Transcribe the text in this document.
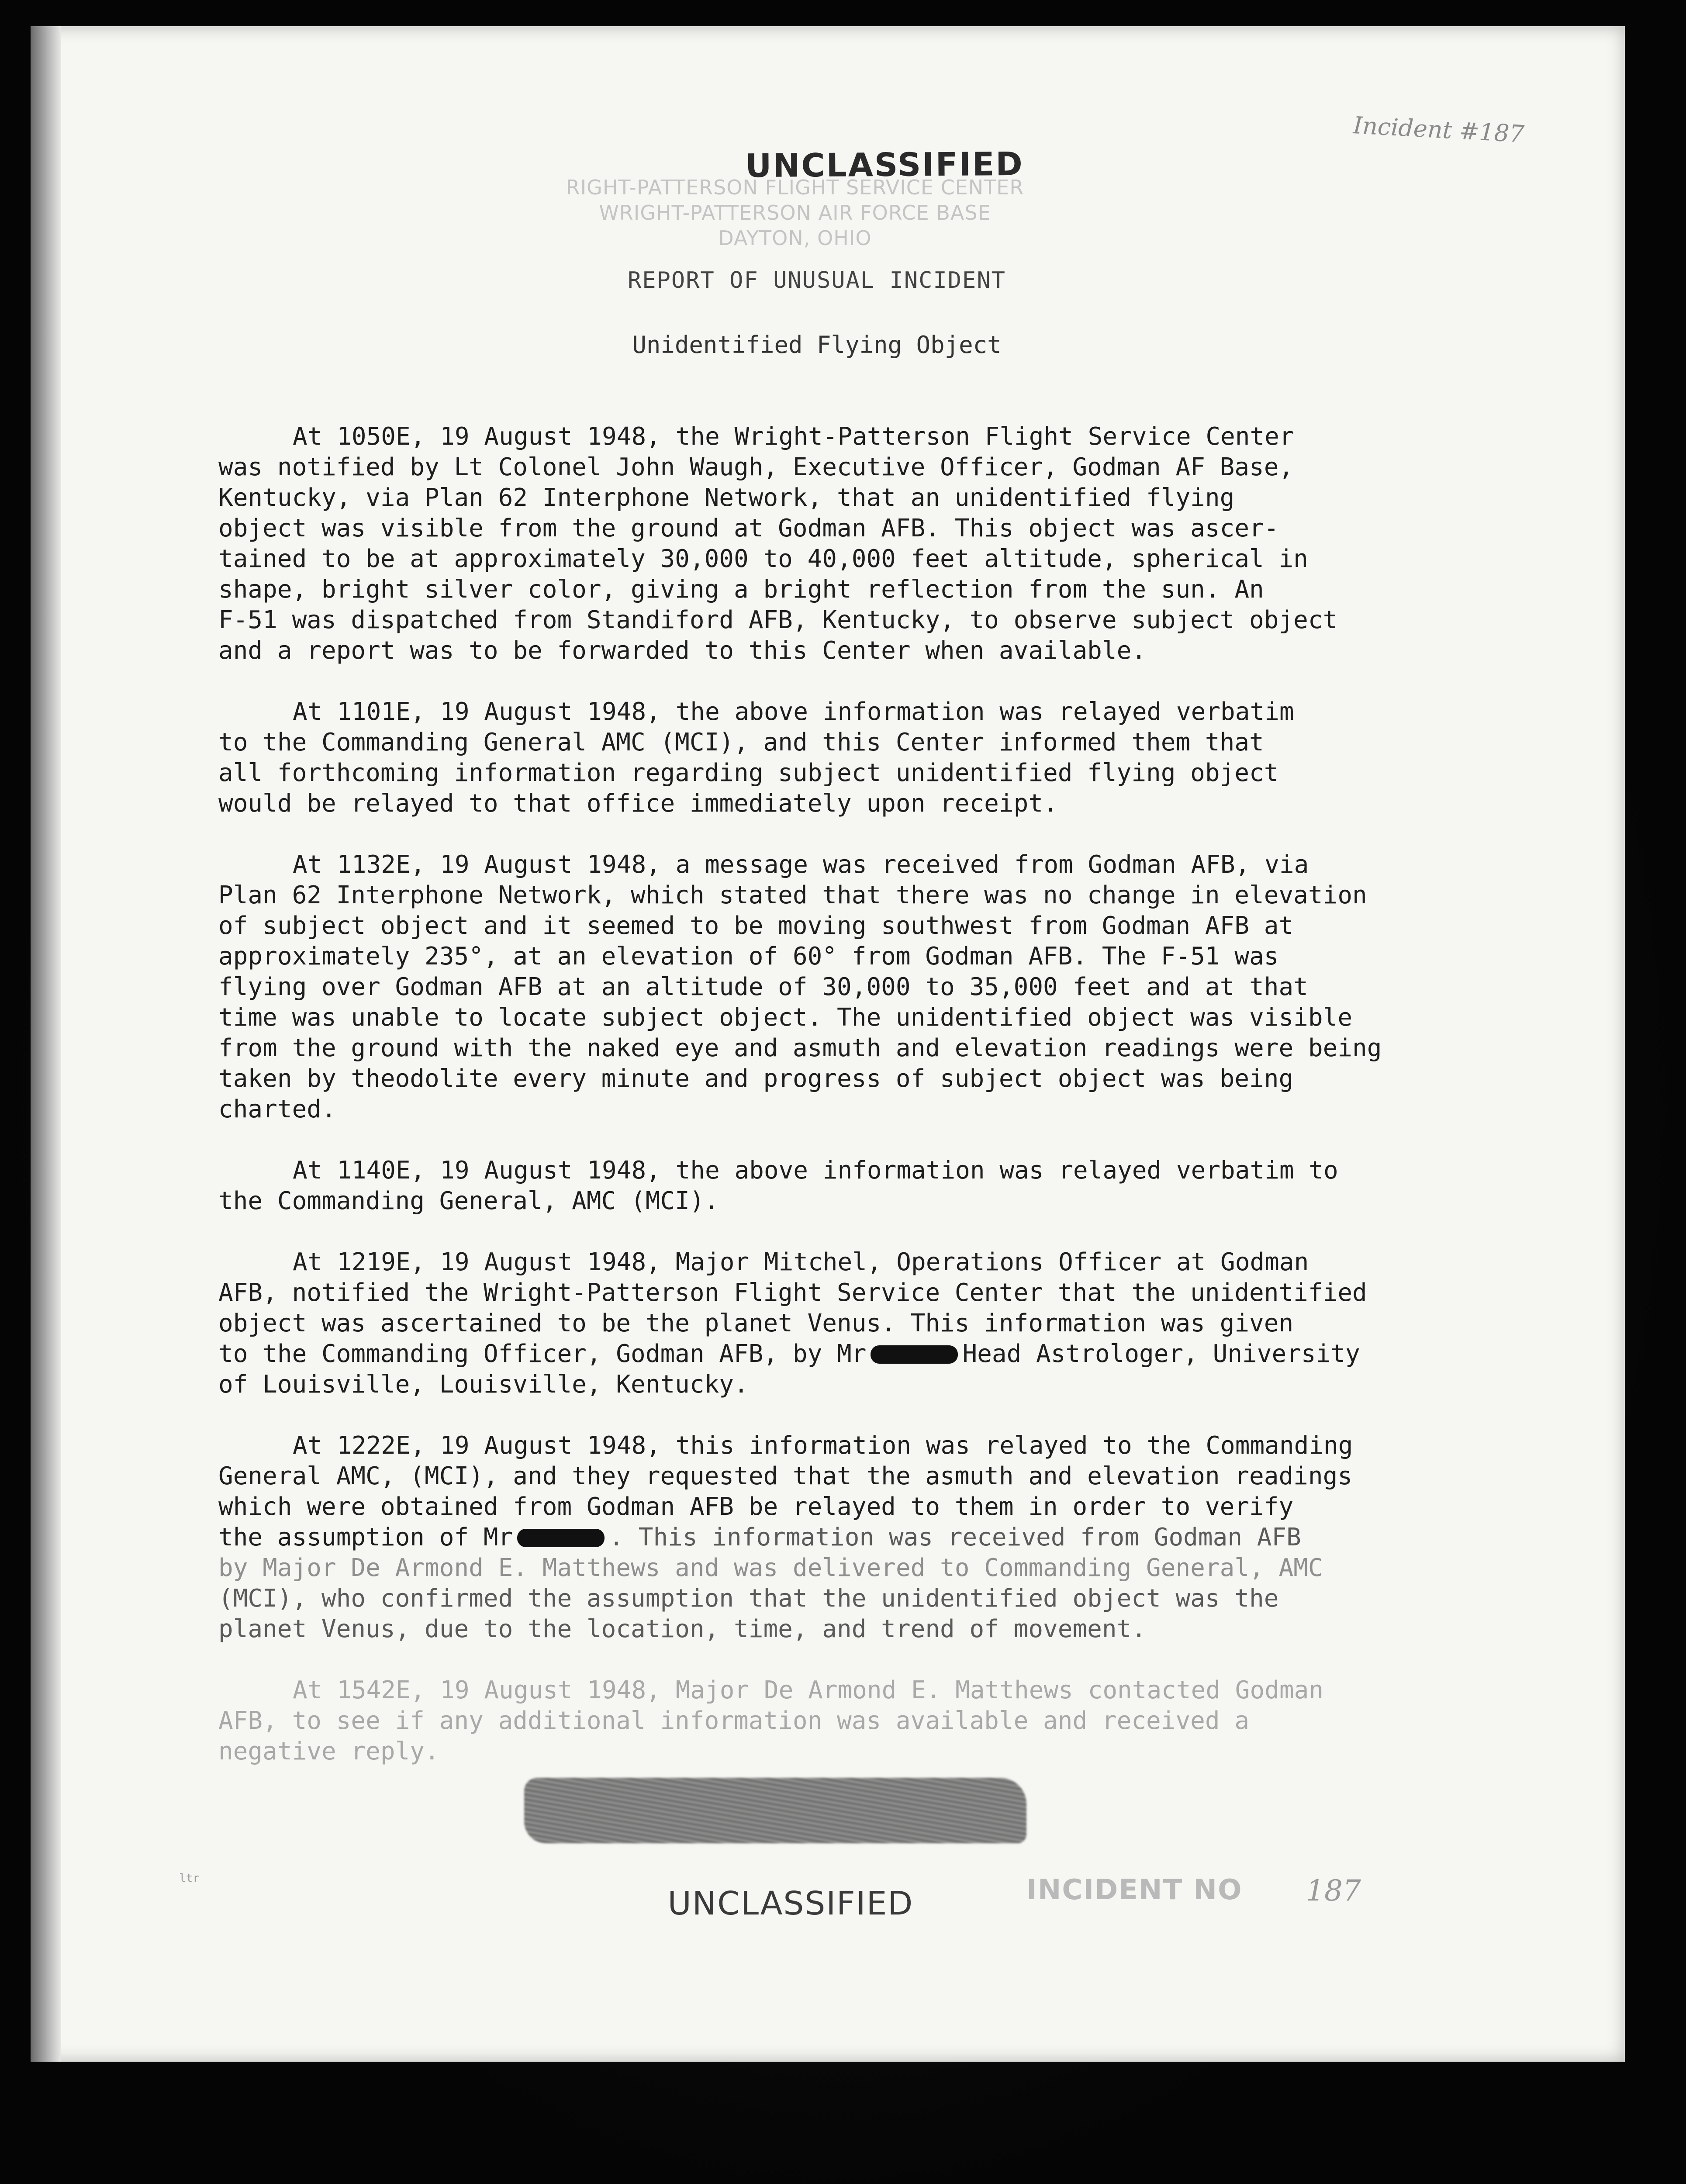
UNCLASSIFIED
Incident #187
RIGHT-PATTERSON FLIGHT SERVICE CENTER
WRIGHT-PATTERSON AIR FORCE BASE
DAYTON, OHIO
REPORT OF UNUSUAL INCIDENT
Unidentified Flying Object
At 1050E, 19 August 1948, the Wright-Patterson Flight Service Center
was notified by Lt Colonel John Waugh, Executive Officer, Godman AF Base,
Kentucky, via Plan 62 Interphone Network, that an unidentified flying
object was visible from the ground at Godman AFB. This object was ascer-
tained to be at approximately 30,000 to 40,000 feet altitude, spherical in
shape, bright silver color, giving a bright reflection from the sun. An
F-51 was dispatched from Standiford AFB, Kentucky, to observe subject object
and a report was to be forwarded to this Center when available.
At 1101E, 19 August 1948, the above information was relayed verbatim
to the Commanding General AMC (MCI), and this Center informed them that
all forthcoming information regarding subject unidentified flying object
would be relayed to that office immediately upon receipt.
At 1132E, 19 August 1948, a message was received from Godman AFB, via
Plan 62 Interphone Network, which stated that there was no change in elevation
of subject object and it seemed to be moving southwest from Godman AFB at
approximately 235°, at an elevation of 60° from Godman AFB. The F-51 was
flying over Godman AFB at an altitude of 30,000 to 35,000 feet and at that
time was unable to locate subject object. The unidentified object was visible
from the ground with the naked eye and asmuth and elevation readings were being
taken by theodolite every minute and progress of subject object was being
charted.
At 1140E, 19 August 1948, the above information was relayed verbatim to
the Commanding General, AMC (MCI).
At 1219E, 19 August 1948, Major Mitchel, Operations Officer at Godman
AFB, notified the Wright-Patterson Flight Service Center that the unidentified
object was ascertained to be the planet Venus. This information was given
to the Commanding Officer, Godman AFB, by Mr	Head Astrologer, University
of Louisville, Louisville, Kentucky.
At 1222E, 19 August 1948, this information was relayed to the Commanding
General AMC, (MCI), and they requested that the asmuth and elevation readings
which were obtained from Godman AFB be relayed to them in order to verify
the assumption of Mr	. This information was received from Godman AFB
by Major De Armond E. Matthews and was delivered to Commanding General, AMC
(MCI), who confirmed the assumption that the unidentified object was the
planet Venus, due to the location, time, and trend of movement.
At 1542E, 19 August 1948, Major De Armond E. Matthews contacted Godman
AFB, to see if any additional information was available and received a
negative reply.
ltr
UNCLASSIFIED	INCIDENT NO	187
